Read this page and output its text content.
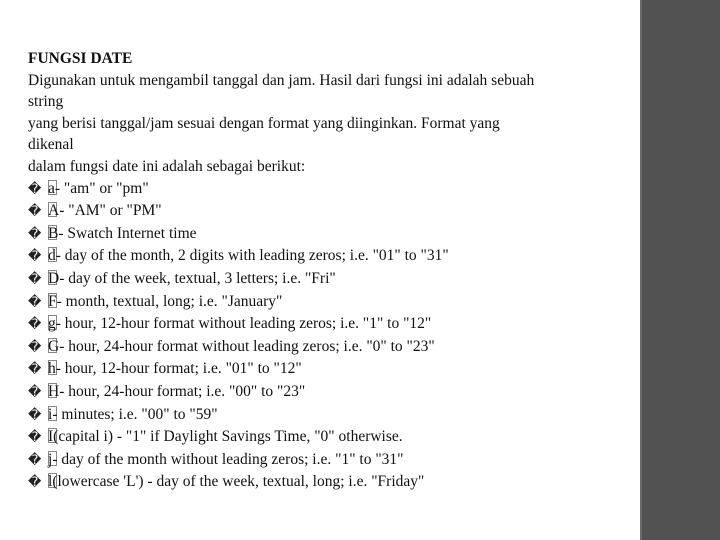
FUNGSI DATE

Digunakan untuk mengambil tanggal dan jam. Hasil dari fungsi ini adalah sebuah

string

yang berisi tanggal/jam sesuai dengan format yang diinginkan. Format yang

dikenal

dalam fungsi date ini adalah sebagai berikut:

� a - "am" or "pm"
� A - "AM" or "PM"
� B - Swatch Internet time
� d - day of the month, 2 digits with leading zeros; i.e. "01" to "31"
� D - day of the week, textual, 3 letters; i.e. "Fri"
� F - month, textual, long; i.e. "January"
� g - hour, 12-hour format without leading zeros; i.e. "1" to "12"
� G - hour, 24-hour format without leading zeros; i.e. "0" to "23"
� h - hour, 12-hour format; i.e. "01" to "12"
� H - hour, 24-hour format; i.e. "00" to "23"
� i - minutes; i.e. "00" to "59"
� I (capital i) - "1" if Daylight Savings Time, "0" otherwise.
� j - day of the month without leading zeros; i.e. "1" to "31"
� l (lowercase 'L') - day of the week, textual, long; i.e. "Friday"
